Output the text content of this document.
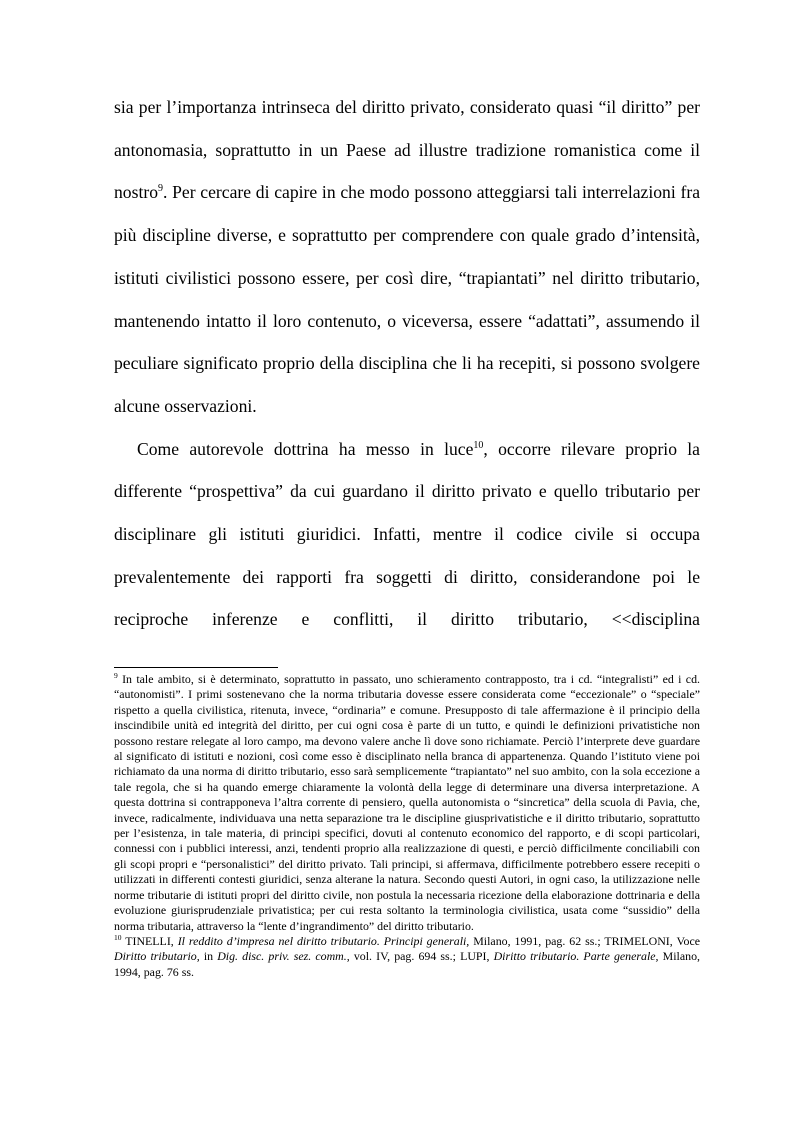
sia per l’importanza intrinseca del diritto privato, considerato quasi “il diritto” per antonomasia, soprattutto in un Paese ad illustre tradizione romanistica come il nostro$^9$. Per cercare di capire in che modo possono atteggiarsi tali interrelazioni fra più discipline diverse, e soprattutto per comprendere con quale grado d’intensità, istituti civilistici possono essere, per così dire, “trapiantati” nel diritto tributario, mantenendo intatto il loro contenuto, o viceversa, essere “adattati”, assumendo il peculiare significato proprio della disciplina che li ha recepiti, si possono svolgere alcune osservazioni.

Come autorevole dottrina ha messo in luce$^{10}$, occorre rilevare proprio la differente “prospettiva” da cui guardano il diritto privato e quello tributario per disciplinare gli istituti giuridici. Infatti, mentre il codice civile si occupa prevalentemente dei rapporti fra soggetti di diritto, considerandone poi le reciproche inferenze e conflitti, il diritto tributario, <<disciplina

$^9$ In tale ambito, si è determinato, soprattutto in passato, uno schieramento contrapposto, tra i cd. “integralisti” ed i cd. “autonomisti”. I primi sostenevano che la norma tributaria dovesse essere considerata come “eccezionale” o “speciale” rispetto a quella civilistica, ritenuta, invece, “ordinaria” e comune. Presupposto di tale affermazione è il principio della inscindibile unità ed integrità del diritto, per cui ogni cosa è parte di un tutto, e quindi le definizioni privatistiche non possono restare relegate al loro campo, ma devono valere anche lì dove sono richiamate. Perciò l’interprete deve guardare al significato di istituti e nozioni, così come esso è disciplinato nella branca di appartenenza. Quando l’istituto viene poi richiamato da una norma di diritto tributario, esso sarà semplicemente “trapiantato” nel suo ambito, con la sola eccezione a tale regola, che si ha quando emerge chiaramente la volontà della legge di determinare una diversa interpretazione. A questa dottrina si contrapponeva l’altra corrente di pensiero, quella autonomista o “sincretica” della scuola di Pavia, che, invece, radicalmente, individuava una netta separazione tra le discipline giusprivatistiche e il diritto tributario, soprattutto per l’esistenza, in tale materia, di principi specifici, dovuti al contenuto economico del rapporto, e di scopi particolari, connessi con i pubblici interessi, anzi, tendenti proprio alla realizzazione di questi, e perciò difficilmente conciliabili con gli scopi propri e “personalistici” del diritto privato. Tali principi, si affermava, difficilmente potrebbero essere recepiti o utilizzati in differenti contesti giuridici, senza alterane la natura. Secondo questi Autori, in ogni caso, la utilizzazione nelle norme tributarie di istituti propri del diritto civile, non postula la necessaria ricezione della elaborazione dottrinaria e della evoluzione giurisprudenziale privatistica; per cui resta soltanto la terminologia civilistica, usata come “sussidio” della norma tributaria, attraverso la “lente d’ingrandimento” del diritto tributario.

$^{10}$ TINELLI, Il reddito d’impresa nel diritto tributario. Principi generali, Milano, 1991, pag. 62 ss.; TRIMELONI, Voce Diritto tributario, in Dig. disc. priv. sez. comm., vol. IV, pag. 694 ss.; LUPI, Diritto tributario. Parte generale, Milano, 1994, pag. 76 ss.
